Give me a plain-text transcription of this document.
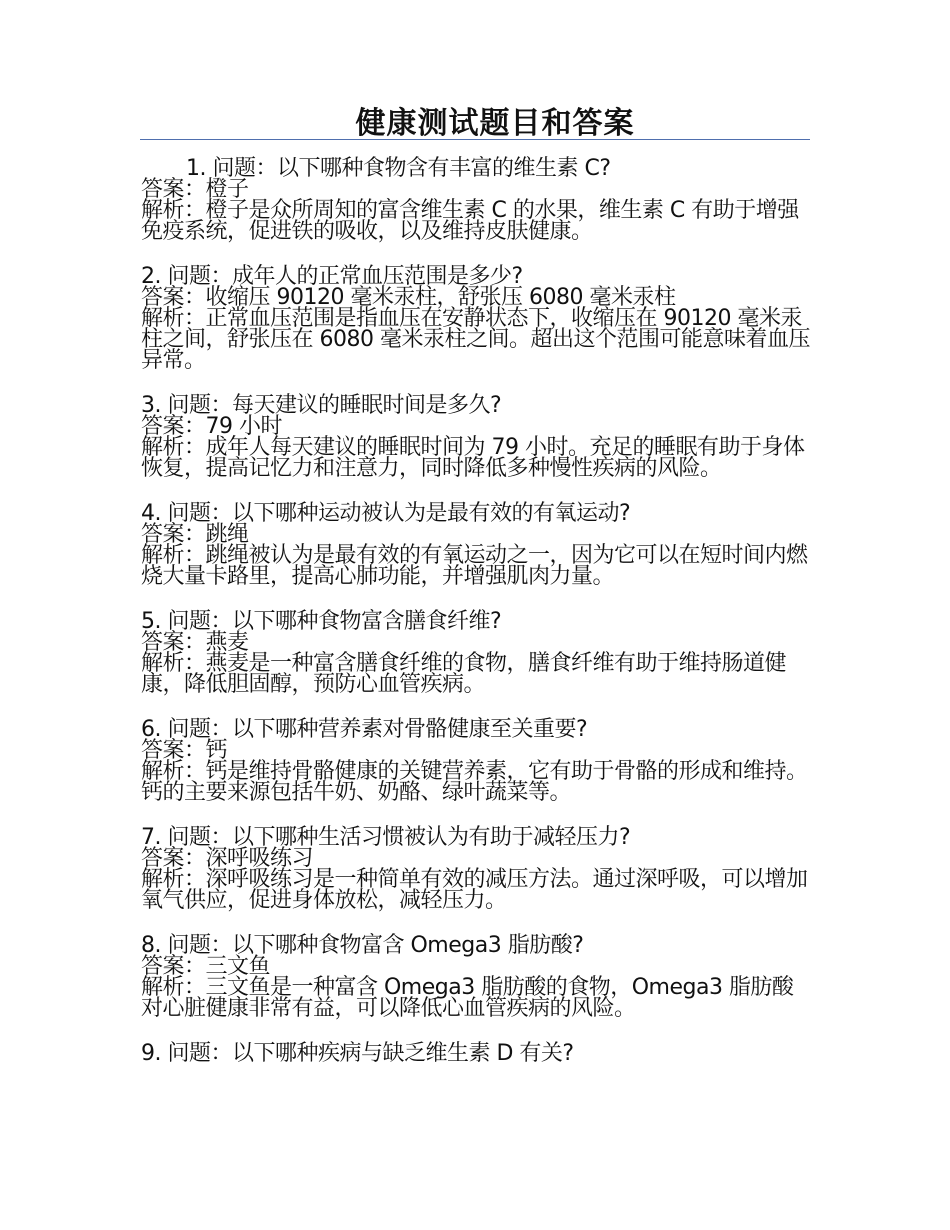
健康测试题目和答案

1. 问题：以下哪种食物含有丰富的维生素 C?

答案：橙子

解析：橙子是众所周知的富含维生素 C 的水果，维生素 C 有助于增强免疫系统，促进铁的吸收，以及维持皮肤健康。

2. 问题：成年人的正常血压范围是多少?

答案：收缩压 90120 毫米汞柱，舒张压 6080 毫米汞柱

解析：正常血压范围是指血压在安静状态下，收缩压在 90120 毫米汞柱之间，舒张压在 6080 毫米汞柱之间。超出这个范围可能意味着血压异常。

3. 问题：每天建议的睡眠时间是多久?

答案：79 小时

解析：成年人每天建议的睡眠时间为 79 小时。充足的睡眠有助于身体恢复，提高记忆力和注意力，同时降低多种慢性疾病的风险。

4. 问题：以下哪种运动被认为是最有效的有氧运动?

答案：跳绳

解析：跳绳被认为是最有效的有氧运动之一，因为它可以在短时间内燃烧大量卡路里，提高心肺功能，并增强肌肉力量。

5. 问题：以下哪种食物富含膳食纤维?

答案：燕麦

解析：燕麦是一种富含膳食纤维的食物，膳食纤维有助于维持肠道健康，降低胆固醇，预防心血管疾病。

6. 问题：以下哪种营养素对骨骼健康至关重要?

答案：钙

解析：钙是维持骨骼健康的关键营养素，它有助于骨骼的形成和维持。钙的主要来源包括牛奶、奶酪、绿叶蔬菜等。

7. 问题：以下哪种生活习惯被认为有助于减轻压力?

答案：深呼吸练习

解析：深呼吸练习是一种简单有效的减压方法。通过深呼吸，可以增加氧气供应，促进身体放松，减轻压力。

8. 问题：以下哪种食物富含 Omega3 脂肪酸?

答案：三文鱼

解析：三文鱼是一种富含 Omega3 脂肪酸的食物，Omega3 脂肪酸对心脏健康非常有益，可以降低心血管疾病的风险。

9. 问题：以下哪种疾病与缺乏维生素 D 有关?
